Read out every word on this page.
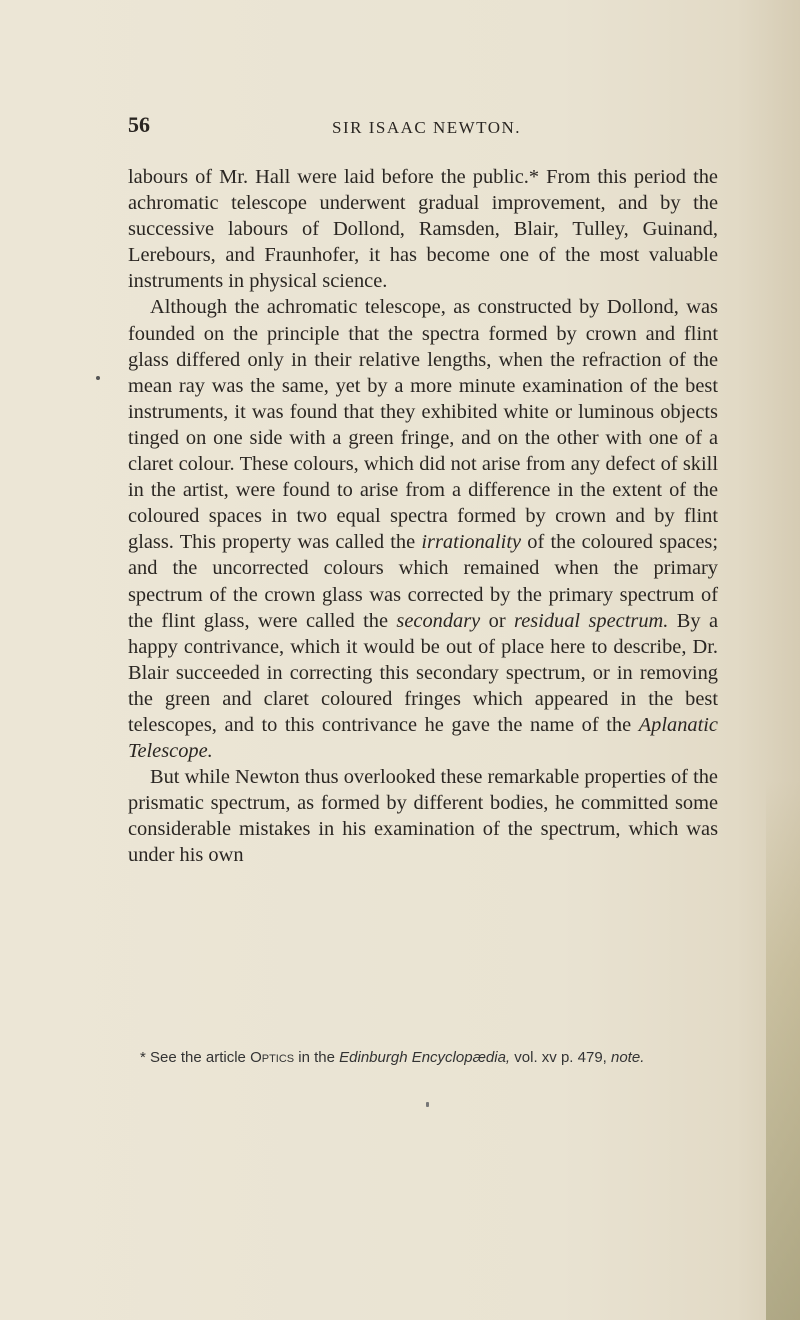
56	SIR ISAAC NEWTON.

labours of Mr. Hall were laid before the public.* From this period the achromatic telescope underwent gradual improvement, and by the successive labours of Dollond, Ramsden, Blair, Tulley, Guinand, Lerebours, and Fraunhofer, it has become one of the most valuable instruments in physical science.

Although the achromatic telescope, as constructed by Dollond, was founded on the principle that the spectra formed by crown and flint glass differed only in their relative lengths, when the refraction of the mean ray was the same, yet by a more minute examination of the best instruments, it was found that they exhibited white or luminous objects tinged on one side with a green fringe, and on the other with one of a claret colour. These colours, which did not arise from any defect of skill in the artist, were found to arise from a difference in the extent of the coloured spaces in two equal spectra formed by crown and by flint glass. This property was called the irrationality of the coloured spaces; and the uncorrected colours which remained when the primary spectrum of the crown glass was corrected by the primary spectrum of the flint glass, were called the secondary or residual spectrum. By a happy contrivance, which it would be out of place here to describe, Dr. Blair succeeded in correcting this secondary spectrum, or in removing the green and claret coloured fringes which appeared in the best telescopes, and to this contrivance he gave the name of the Aplanatic Telescope.

But while Newton thus overlooked these remarkable properties of the prismatic spectrum, as formed by different bodies, he committed some considerable mistakes in his examination of the spectrum, which was under his own

* See the article Optics in the Edinburgh Encyclopædia, vol. xv p. 479, note.
